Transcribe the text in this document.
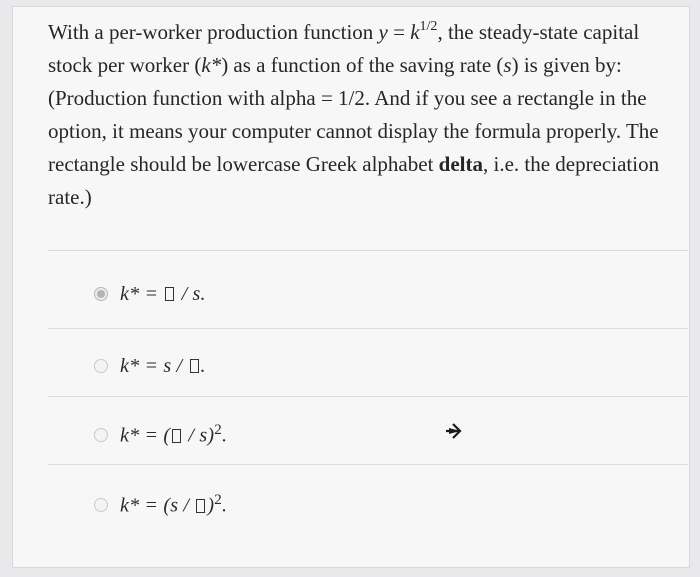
With a per-worker production function $y = k^{1/2}$, the steady-state capital stock per worker (k*) as a function of the saving rate (s) is given by: (Production function with alpha = 1/2. And if you see a rectangle in the option, it means your computer cannot display the formula properly. The rectangle should be lowercase Greek alphabet delta, i.e. the depreciation rate.)
k* =  / s.
k* = s / .
k* = ( / s)$^2$.
k* = (s / )$^2$.
